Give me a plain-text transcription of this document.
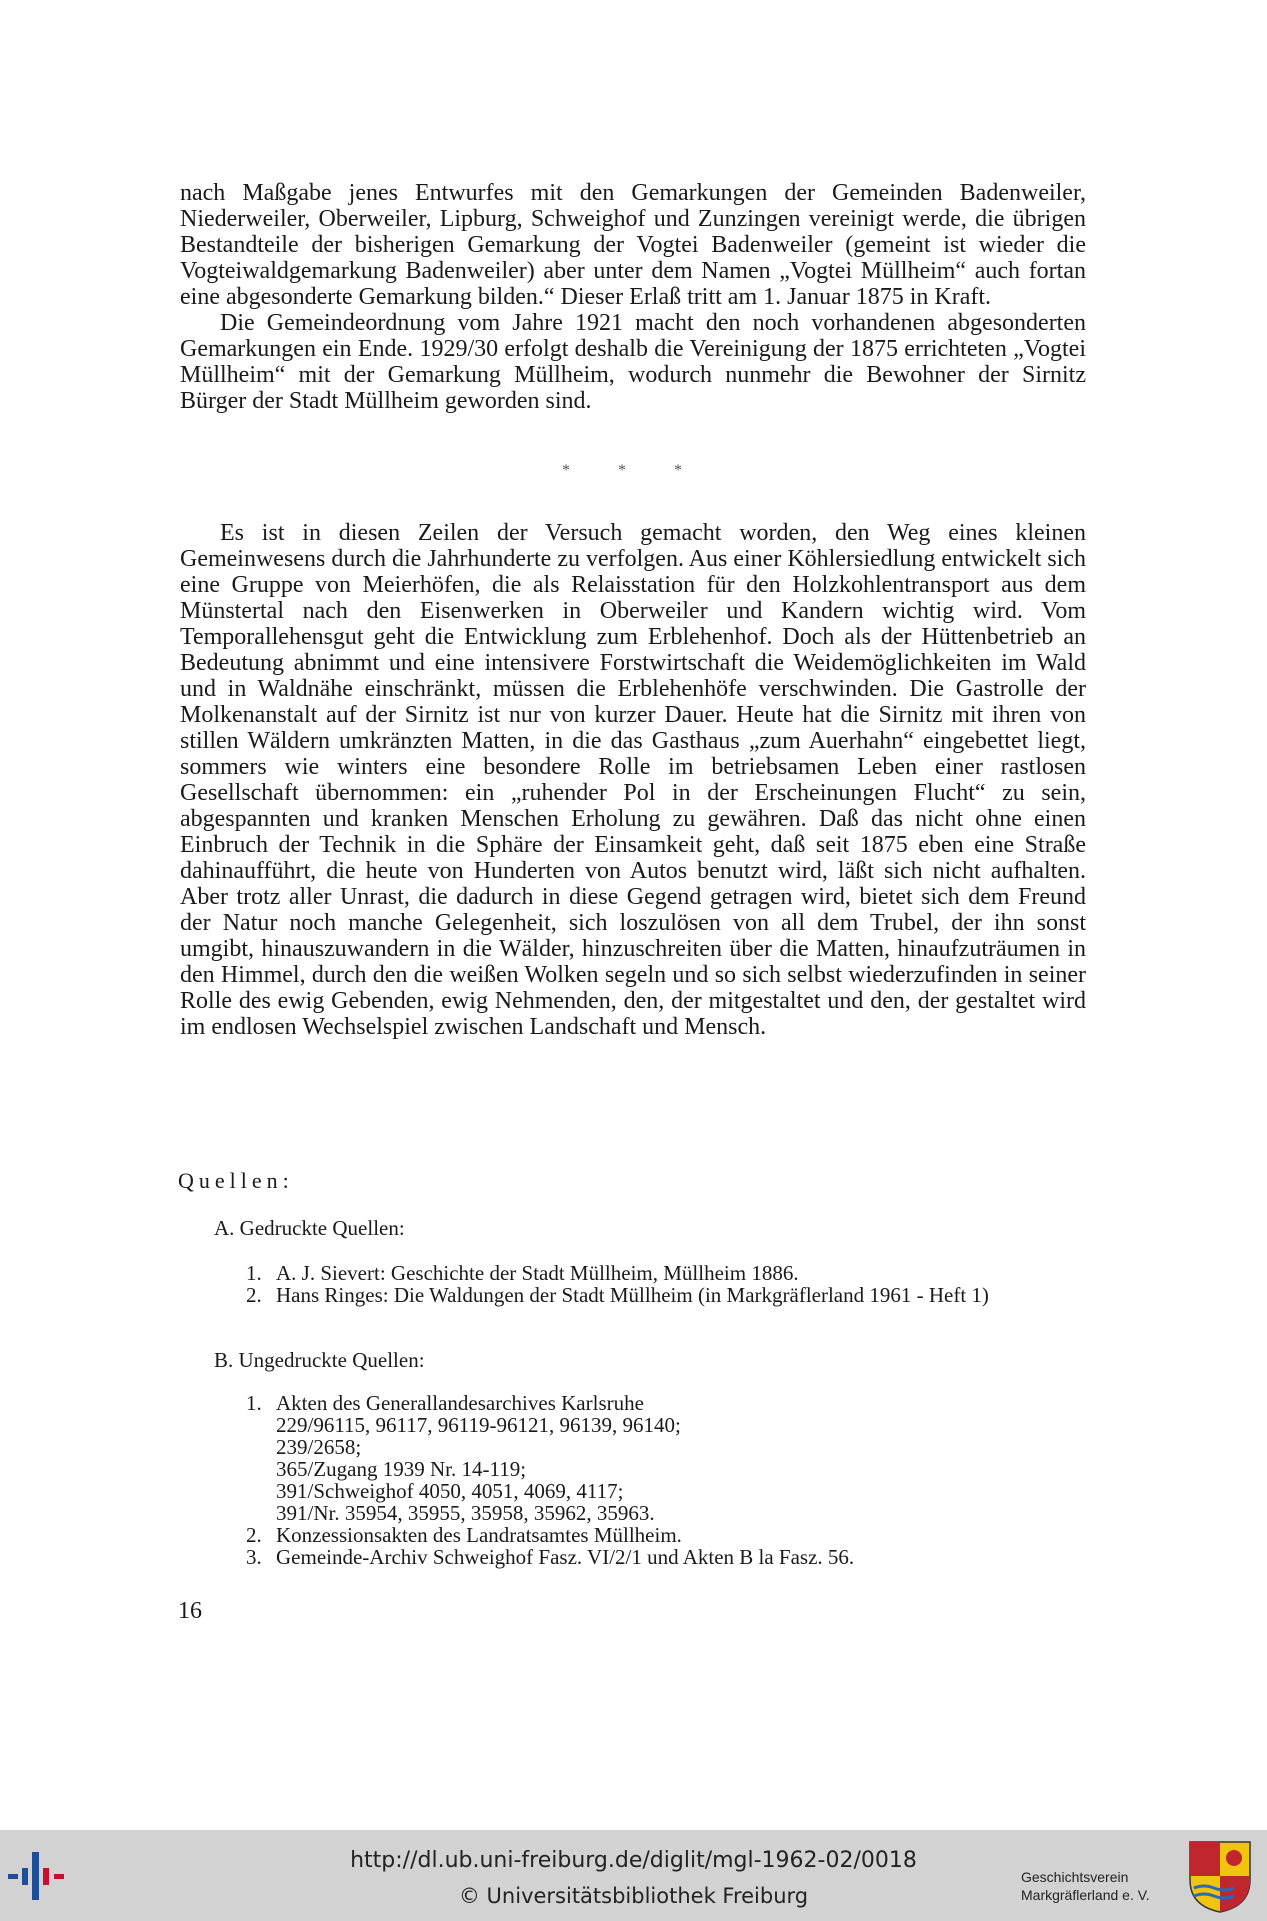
nach Maßgabe jenes Entwurfes mit den Gemarkungen der Gemeinden Badenweiler, Niederweiler, Oberweiler, Lipburg, Schweighof und Zunzingen vereinigt werde, die übrigen Bestandteile der bisherigen Gemarkung der Vogtei Badenweiler (gemeint ist wieder die Vogteiwaldgemarkung Badenweiler) aber unter dem Namen „Vogtei Müllheim“ auch fortan eine abgesonderte Gemarkung bilden.“ Dieser Erlaß tritt am 1. Januar 1875 in Kraft.

Die Gemeindeordnung vom Jahre 1921 macht den noch vorhandenen abgesonderten Gemarkungen ein Ende. 1929/30 erfolgt deshalb die Vereinigung der 1875 errichteten „Vogtei Müllheim“ mit der Gemarkung Müllheim, wodurch nunmehr die Bewohner der Sirnitz Bürger der Stadt Müllheim geworden sind.

* * *

Es ist in diesen Zeilen der Versuch gemacht worden, den Weg eines kleinen Gemeinwesens durch die Jahrhunderte zu verfolgen. Aus einer Köhlersiedlung entwickelt sich eine Gruppe von Meierhöfen, die als Relaisstation für den Holzkohlentransport aus dem Münstertal nach den Eisenwerken in Oberweiler und Kandern wichtig wird. Vom Temporallehensgut geht die Entwicklung zum Erblehenhof. Doch als der Hüttenbetrieb an Bedeutung abnimmt und eine intensivere Forstwirtschaft die Weidemöglichkeiten im Wald und in Waldnähe einschränkt, müssen die Erblehenhöfe verschwinden. Die Gastrolle der Molkenanstalt auf der Sirnitz ist nur von kurzer Dauer. Heute hat die Sirnitz mit ihren von stillen Wäldern umkränzten Matten, in die das Gasthaus „zum Auerhahn“ eingebettet liegt, sommers wie winters eine besondere Rolle im betriebsamen Leben einer rastlosen Gesellschaft übernommen: ein „ruhender Pol in der Erscheinungen Flucht“ zu sein, abgespannten und kranken Menschen Erholung zu gewähren. Daß das nicht ohne einen Einbruch der Technik in die Sphäre der Einsamkeit geht, daß seit 1875 eben eine Straße dahinaufführt, die heute von Hunderten von Autos benutzt wird, läßt sich nicht aufhalten. Aber trotz aller Unrast, die dadurch in diese Gegend getragen wird, bietet sich dem Freund der Natur noch manche Gelegenheit, sich loszulösen von all dem Trubel, der ihn sonst umgibt, hinauszuwandern in die Wälder, hinzuschreiten über die Matten, hinaufzuträumen in den Himmel, durch den die weißen Wolken segeln und so sich selbst wiederzufinden in seiner Rolle des ewig Gebenden, ewig Nehmenden, den, der mitgestaltet und den, der gestaltet wird im endlosen Wechselspiel zwischen Landschaft und Mensch.

Quellen:
A. Gedruckte Quellen:
1. A. J. Sievert:
Geschichte der Stadt Müllheim, Müllheim 1886.
2. Hans Ringes:
Die Waldungen der Stadt Müllheim (in Markgräflerland 1961 - Heft 1)
B. Ungedruckte Quellen:
1. Akten des Generallandesarchives Karlsruhe
229/96115, 96117, 96119-96121, 96139, 96140;
239/2658;
365/Zugang 1939 Nr. 14-119;
391/Schweighof 4050, 4051, 4069, 4117;
391/Nr. 35954, 35955, 35958, 35962, 35963.
2. Konzessionsakten des Landratsamtes Müllheim.
3. Gemeinde-Archiv Schweighof Fasz. VI/2/1 und Akten B la Fasz. 56.
16
http://dl.ub.uni-freiburg.de/diglit/mgl-1962-02/0018
© Universitätsbibliothek Freiburg
Geschichtsverein
Markgräflerland e. V.
